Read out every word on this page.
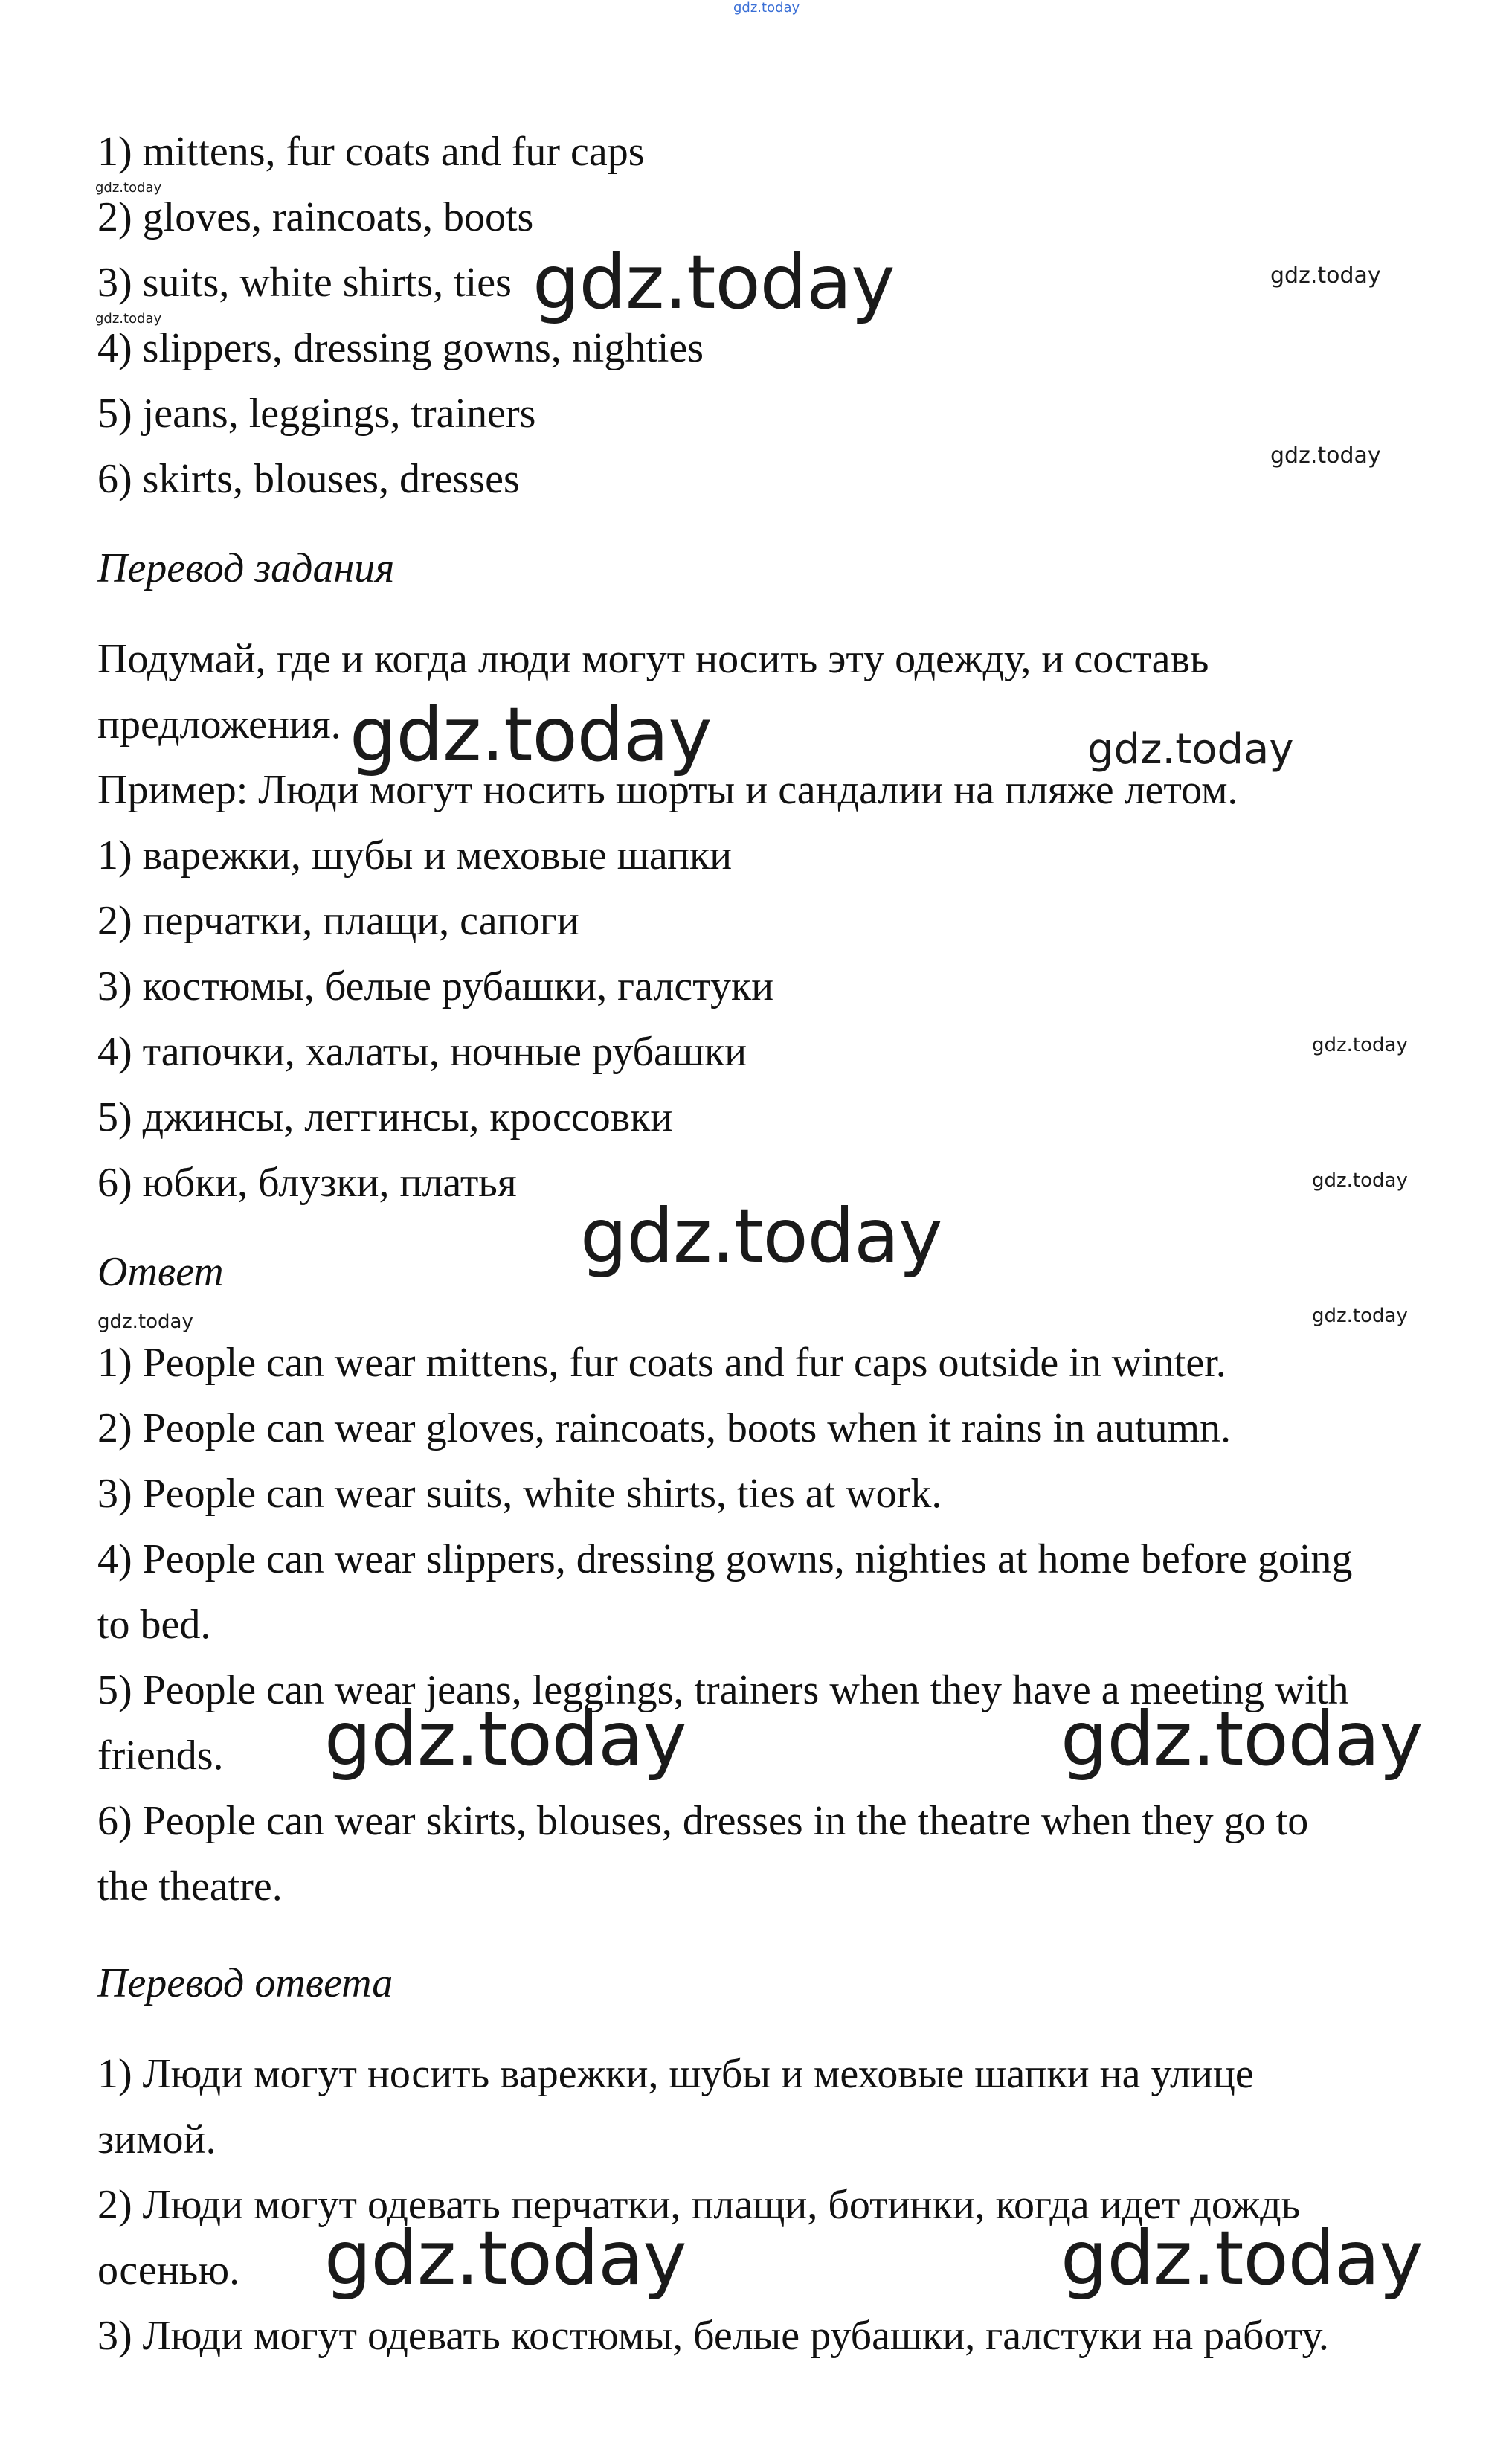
gdz.today
1) mittens, fur coats and fur caps
2) gloves, raincoats, boots
3) suits, white shirts, ties
4) slippers, dressing gowns, nighties
5) jeans, leggings, trainers
6) skirts, blouses, dresses
Перевод задания
Подумай, где и когда люди могут носить эту одежду, и составь
предложения.
Пример: Люди могут носить шорты и сандалии на пляже летом.
1) варежки, шубы и меховые шапки
2) перчатки, плащи, сапоги
3) костюмы, белые рубашки, галстуки
4) тапочки, халаты, ночные рубашки
5) джинсы, леггинсы, кроссовки
6) юбки, блузки, платья
Ответ
1) People can wear mittens, fur coats and fur caps outside in winter.
2) People can wear gloves, raincoats, boots when it rains in autumn.
3) People can wear suits, white shirts, ties at work.
4) People can wear slippers, dressing gowns, nighties at home before going
to bed.
5) People can wear jeans, leggings, trainers when they have a meeting with
friends.
6) People can wear skirts, blouses, dresses in the theatre when they go to
the theatre.
Перевод ответа
1) Люди могут носить варежки, шубы и меховые шапки на улице
зимой.
2) Люди могут одевать перчатки, плащи, ботинки, когда идет дождь
осенью.
3) Люди могут одевать костюмы, белые рубашки, галстуки на работу.
gdz.today
gdz.today	gdz.today	gdz.today
gdz.today
gdz.today	gdz.today
gdz.today
gdz.today
gdz.today
gdz.today	gdz.today
gdz.today	gdz.today
gdz.today	gdz.today
